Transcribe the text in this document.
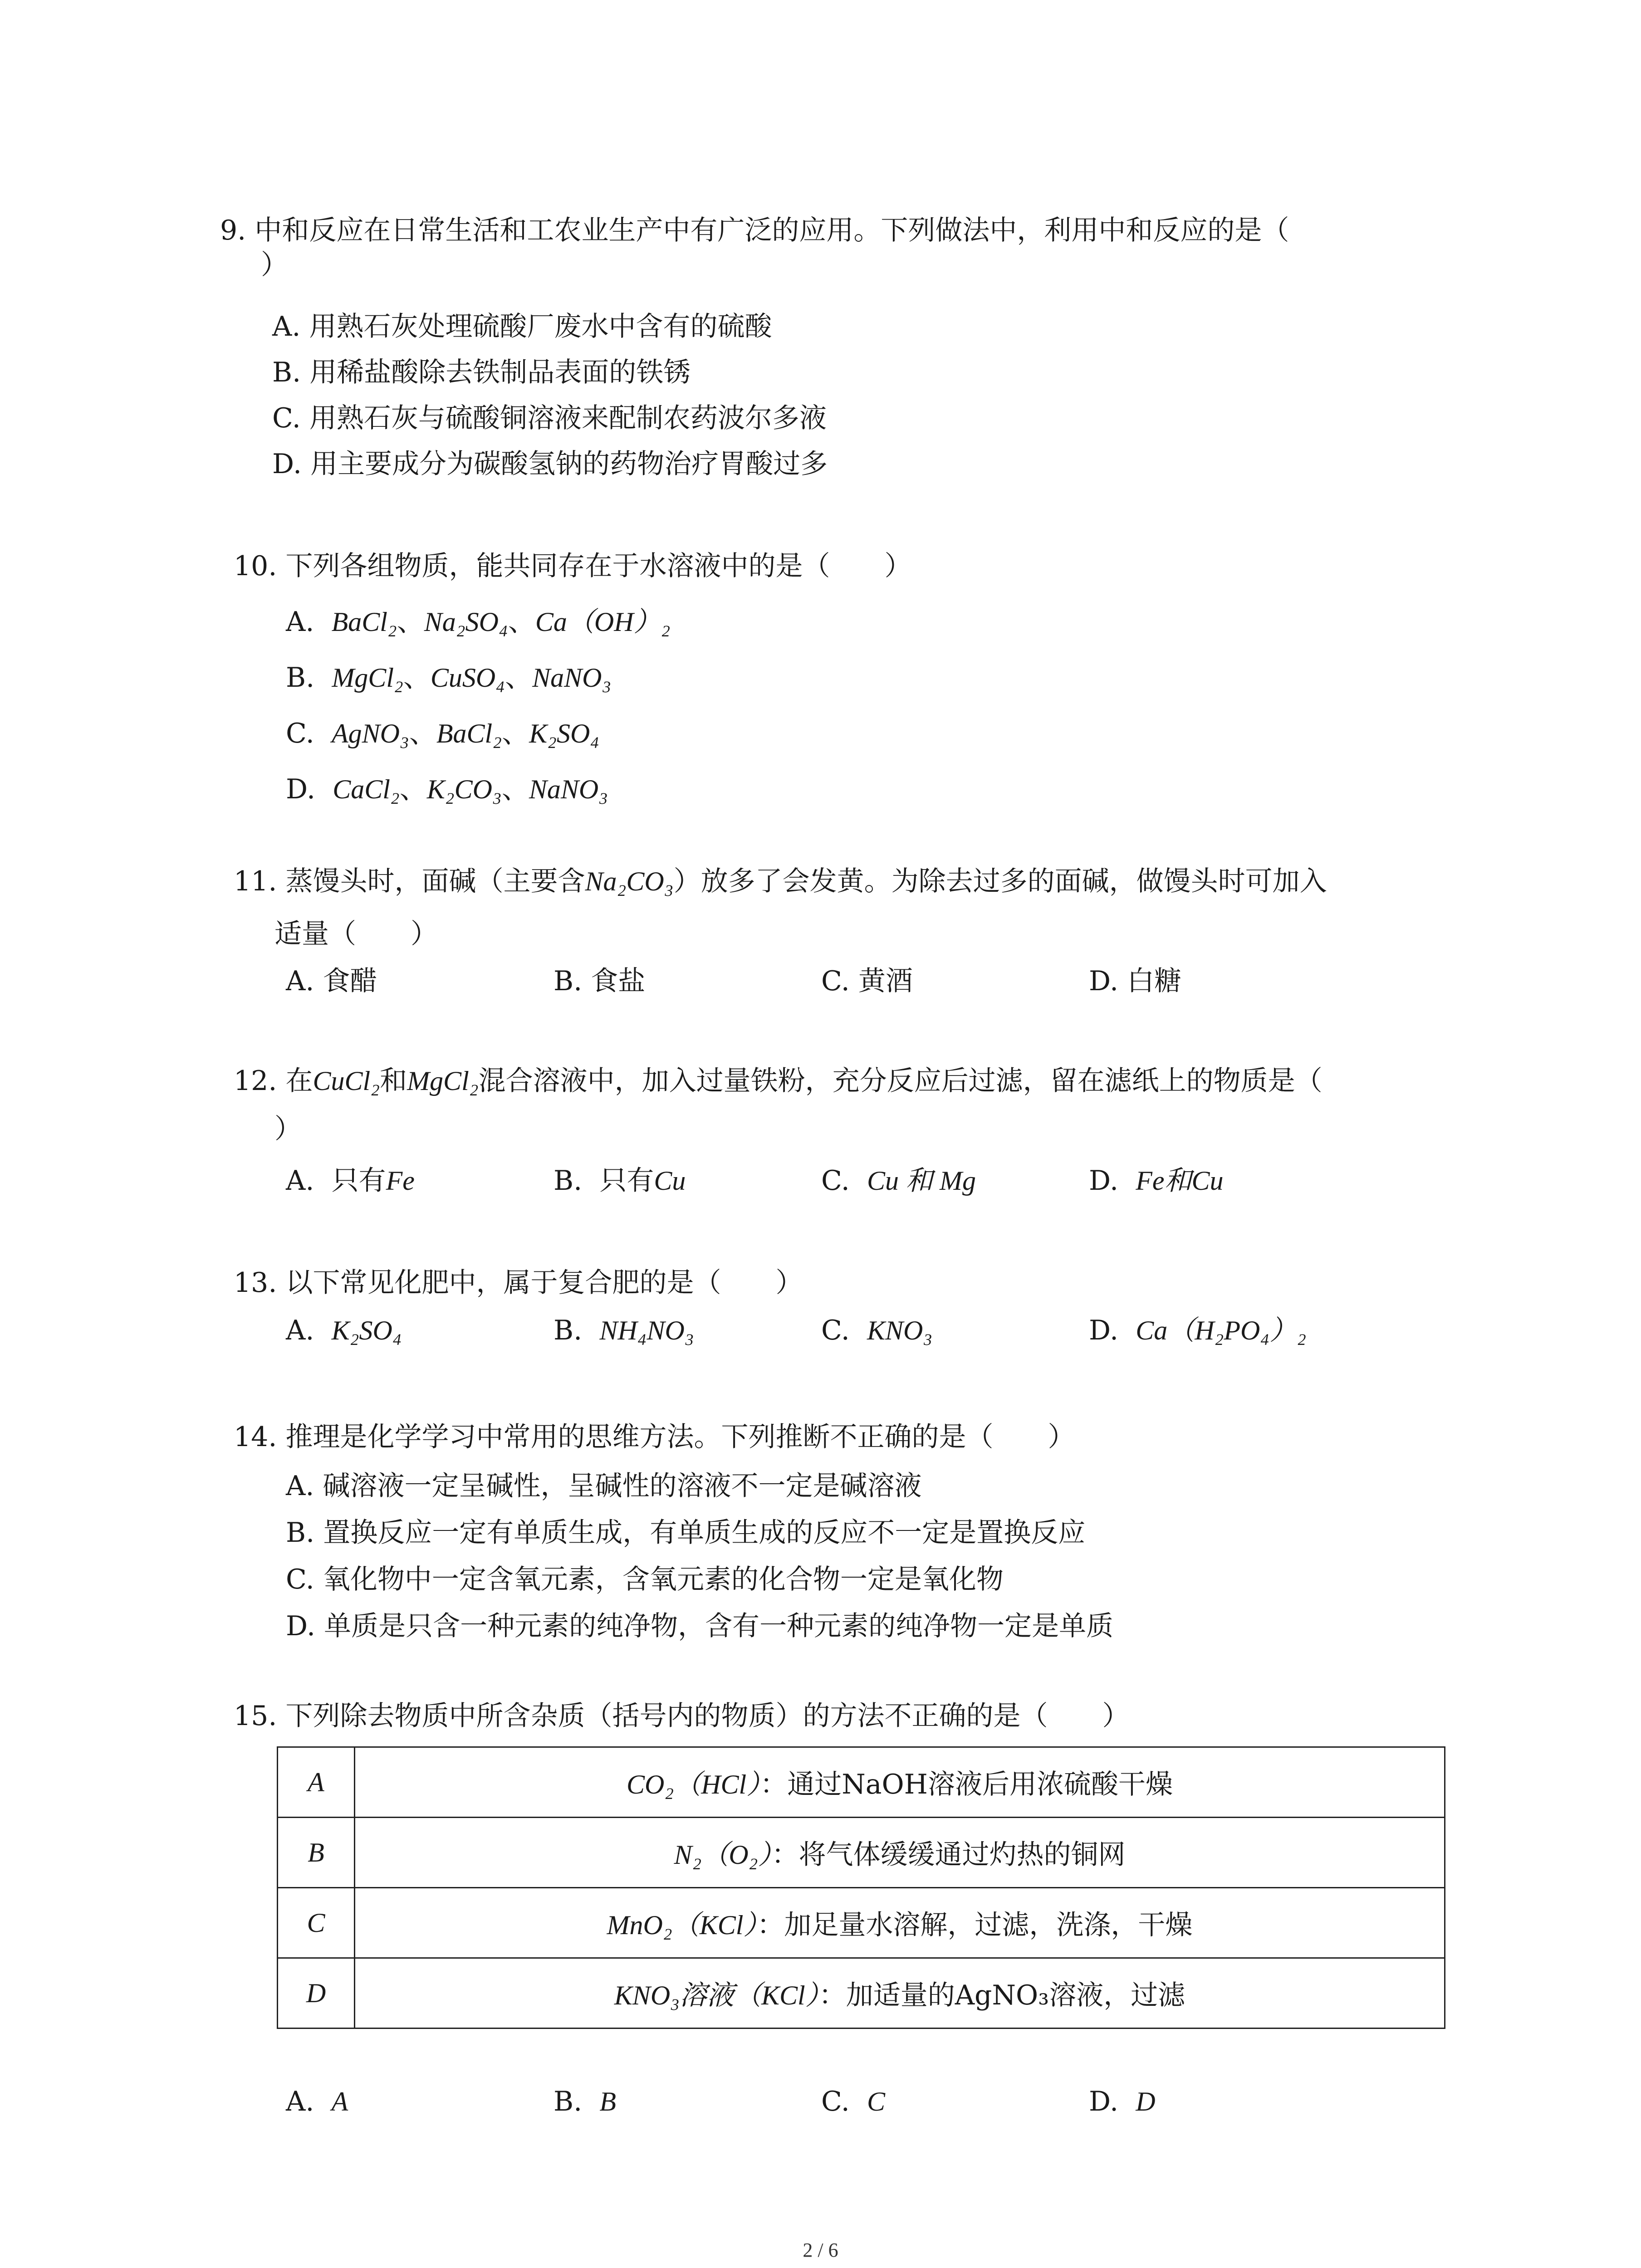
9. 中和反应在日常生活和工农业生产中有广泛的应用。下列做法中，利用中和反应的是（
）
A. 用熟石灰处理硫酸厂废水中含有的硫酸
B. 用稀盐酸除去铁制品表面的铁锈
C. 用熟石灰与硫酸铜溶液来配制农药波尔多液
D. 用主要成分为碳酸氢钠的药物治疗胃酸过多
10. 下列各组物质，能共同存在于水溶液中的是（　　）
A. BaCl₂、Na₂SO₄、Ca（OH）₂
B. MgCl₂、CuSO₄、NaNO₃
C. AgNO₃、BaCl₂、K₂SO₄
D. CaCl₂、K₂CO₃、NaNO₃
11. 蒸馒头时，面碱（主要含Na₂CO₃）放多了会发黄。为除去过多的面碱，做馒头时可加入
适量（　　）
A. 食醋	B. 食盐	C. 黄酒	D. 白糖
12. 在CuCl₂和MgCl₂混合溶液中，加入过量铁粉，充分反应后过滤，留在滤纸上的物质是（
）
A. 只有Fe	B. 只有Cu	C. Cu 和 Mg	D. Fe和Cu
13. 以下常见化肥中，属于复合肥的是（　　）
A. K₂SO₄	B. NH₄NO₃	C. KNO₃	D. Ca（H₂PO₄）₂
14. 推理是化学学习中常用的思维方法。下列推断不正确的是（　　）
A. 碱溶液一定呈碱性，呈碱性的溶液不一定是碱溶液
B. 置换反应一定有单质生成，有单质生成的反应不一定是置换反应
C. 氧化物中一定含氧元素，含氧元素的化合物一定是氧化物
D. 单质是只含一种元素的纯净物，含有一种元素的纯净物一定是单质
15. 下列除去物质中所含杂质（括号内的物质）的方法不正确的是（　　）
A	CO₂（HCl）：通过NaOH溶液后用浓硫酸干燥
B	N₂（O₂）：将气体缓缓通过灼热的铜网
C	MnO₂（KCl）：加足量水溶解，过滤，洗涤，干燥
D	KNO₃溶液（KCl）：加适量的AgNO₃溶液，过滤
A. A	B. B	C. C	D. D
2 / 6
